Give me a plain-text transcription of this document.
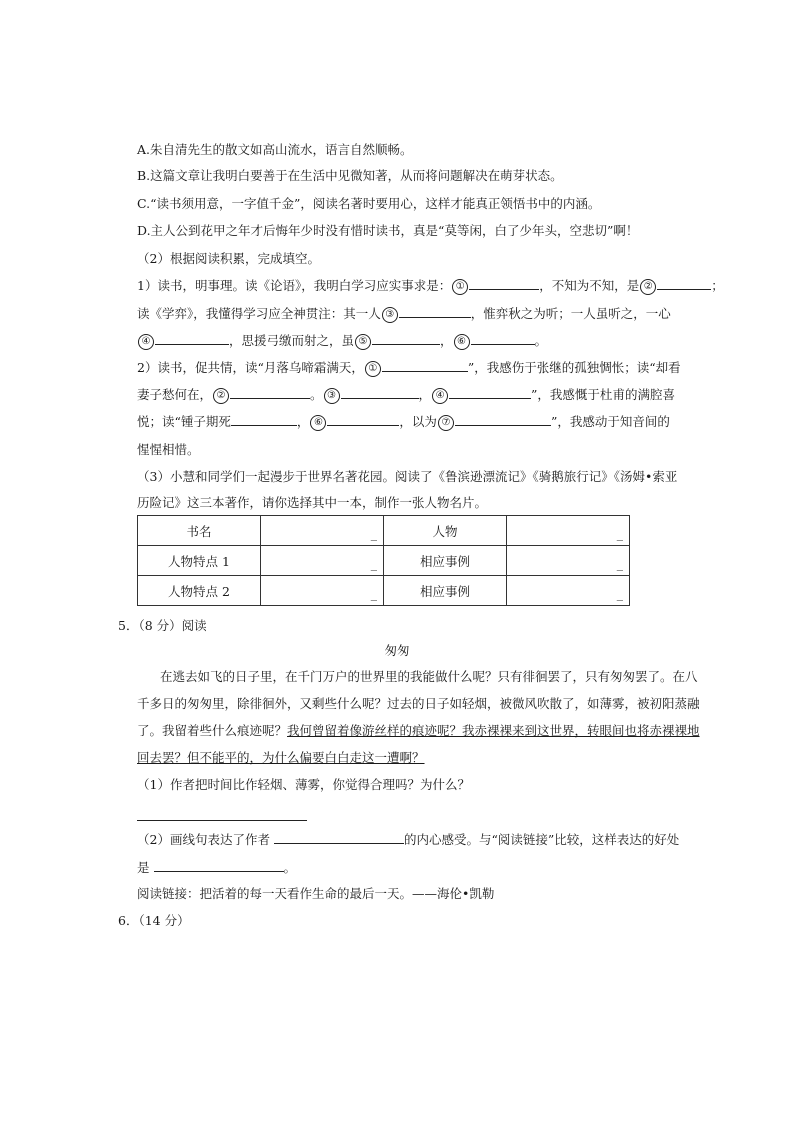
A.朱自清先生的散文如高山流水，语言自然顺畅。
B.这篇文章让我明白要善于在生活中见微知著，从而将问题解决在萌芽状态。
C.“读书须用意，一字值千金”，阅读名著时要用心，这样才能真正领悟书中的内涵。
D.主人公到花甲之年才后悔年少时没有惜时读书，真是“莫等闲，白了少年头，空悲切”啊！
（2）根据阅读积累，完成填空。
1）读书，明事理。读《论语》，我明白学习应实事求是： ①	，不知为不知，是 ②	；
读《学弈》，我懂得学习应全神贯注：其一人 ③	，惟弈秋之为听；一人虽听之，一心
④	，思援弓缴而射之，虽 ⑤	， ⑥	。
2）读书，促共情，读“月落乌啼霜满天， ①	”，我感伤于张继的孤独惆怅；读“却看
妻子愁何在， ②	。 ③	， ④	”，我感慨于杜甫的满腔喜
悦；读“锺子期死	， ⑥	，以为 ⑦	”，我感动于知音间的
惺惺相惜。
（3）小慧和同学们一起漫步于世界名著花园。阅读了《鲁滨逊漂流记》《骑鹅旅行记》《汤姆•索亚
历险记》这三本著作，请你选择其中一本，制作一张人物名片。
书名	_	人物	_
人物特点 1	_	相应事例	_
人物特点 2	_	相应事例	_
5．（8 分）阅读
匆匆
在逃去如飞的日子里，在千门万户的世界里的我能做什么呢？只有徘徊罢了，只有匆匆罢了。在八
千多日的匆匆里，除徘徊外，又剩些什么呢？过去的日子如轻烟，被微风吹散了，如薄雾，被初阳蒸融
了。我留着些什么痕迹呢？我何曾留着像游丝样的痕迹呢？我赤裸裸来到这世界，转眼间也将赤裸裸地
回去罢？但不能平的，为什么偏要白白走这一遭啊？
（1）作者把时间比作轻烟、薄雾，你觉得合理吗？为什么？
（2）画线句表达了作者	的内心感受。与“阅读链接”比较，这样表达的好处
是	。
阅读链接：把活着的每一天看作生命的最后一天。——海伦•凯勒
6．（14 分）
